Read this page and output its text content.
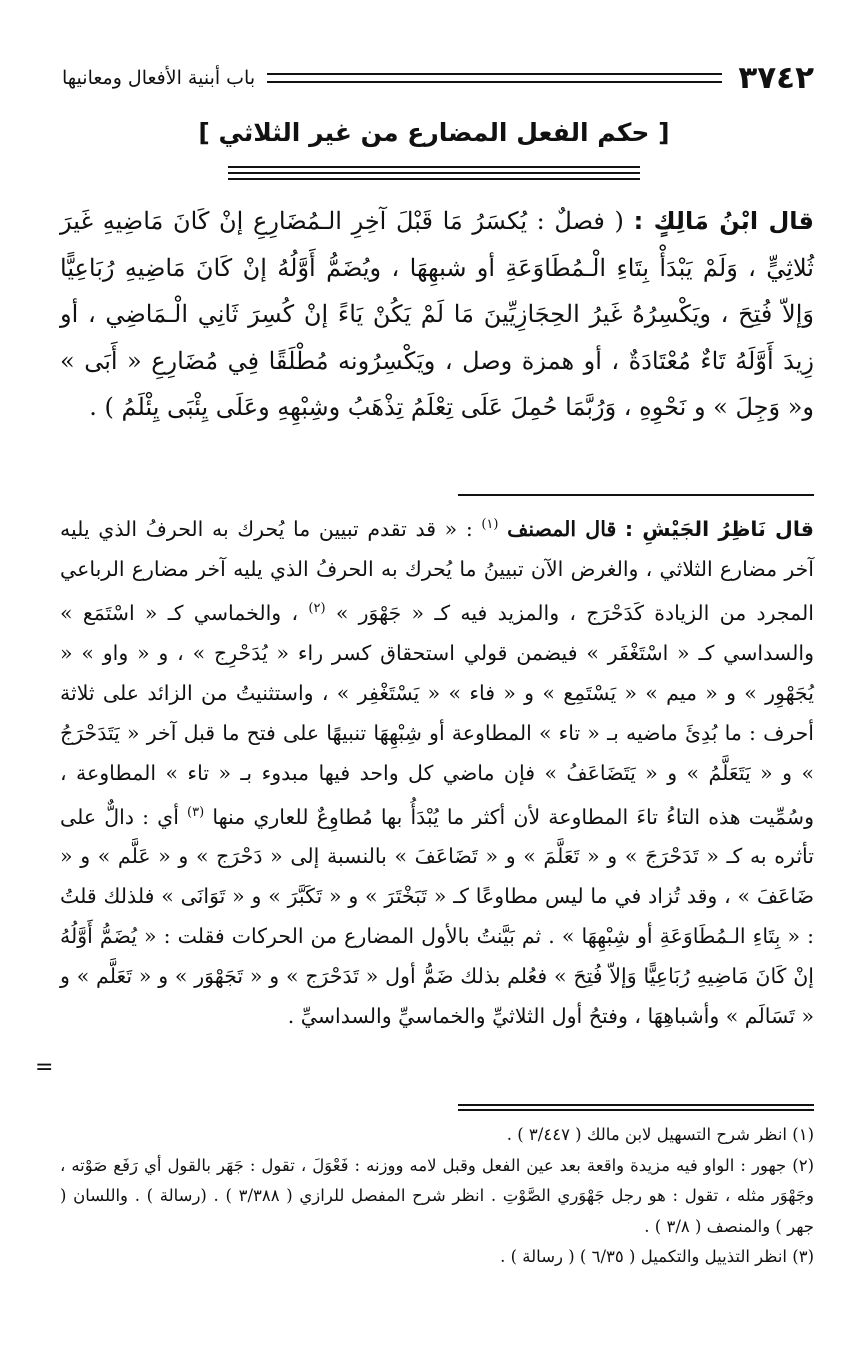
٣٧٤٢
باب أبنية الأفعال ومعانيها
[ حكم الفعل المضارع من غير الثلاثي ]
قال ابْنُ مَالِكٍ : ( فصلٌ : يُكسَرُ مَا قَبْلَ آخِرِ الـمُضَارِعِ إنْ كَانَ مَاضِيهِ غَيرَ ثُلاثِيٍّ ، وَلَمْ يَبْدَأْ بِتَاءِ الْـمُطَاوَعَةِ أو شبهِهَا ، ويُضَمُّ أَوَّلُهُ إنْ كَانَ مَاضِيهِ رُبَاعِيًّا وَإلاّ فُتِحَ ، ويَكْسِرُهُ غَيرُ الحِجَازِيِّينَ مَا لَمْ يَكُنْ يَاءً إنْ كُسِرَ ثَانِي الْـمَاضِي ، أو زِيدَ أَوَّلَهُ تَاءٌ مُعْتَادَةٌ ، أو همزة وصل ، ويَكْسِرُونه مُطْلَقًا فِي مُضَارِعِ « أَبَى » و« وَجِلَ » و نَحْوِهِ ، وَرُبَّمَا حُمِلَ عَلَى تِعْلَمُ تِذْهَبُ وشِبْهِهِ وعَلَى يِئْبَى يِئْلَمُ ) .
قال نَاظِرُ الجَيْشِ : قال المصنف $^{(١)}$ : « قد تقدم تبيين ما يُحرك به الحرفُ الذي يليه آخر مضارع الثلاثي ، والغرض الآن تبيينُ ما يُحرك به الحرفُ الذي يليه آخر مضارع الرباعي المجرد من الزيادة كَدَحْرَج ، والمزيد فيه كـ « جَهْوَر » $^{(٢)}$ ، والخماسي كـ « اسْتَمَع » والسداسي كـ « اسْتَغْفَر » فيضمن قولي استحقاق كسر راء « يُدَحْرِج » ، و « واو » « يُجَهْوِر » و « ميم » « يَسْتَمِع » و « فاء » « يَسْتَغْفِر » ، واستثنيتُ من الزائد على ثلاثة أحرف : ما بُدِئَ ماضيه بـ « تاء » المطاوعة أو شِبْهِهَا تنبيهًا على فتح ما قبل آخر « يَتَدَحْرَجُ » و « يَتَعَلَّمُ » و « يَتَضَاعَفُ » فإن ماضي كل واحد فيها مبدوء بـ « تاء » المطاوعة ، وسُمِّيت هذه التاءُ تاءَ المطاوعة لأن أكثر ما يُبْدَأُ بها مُطاوِعٌ للعاري منها $^{(٣)}$ أي : دالٌّ على تأثره به كـ « تَدَحْرَجَ » و « تَعَلَّمَ » و « تَضَاعَفَ » بالنسبة إلى « دَحْرَج » و « عَلَّم » و « ضَاعَفَ » ، وقد تُزاد في ما ليس مطاوعًا كـ « تَبَخْتَرَ » و « تَكَبَّرَ » و « تَوَانَى » فلذلك قلتُ : « بِتَاءِ الـمُطَاوَعَةِ أو شِبْهِهَا » . ثم بَيَّنتُ بالأول المضارع من الحركات فقلت : « يُضَمُّ أَوَّلُهُ إنْ كَانَ مَاضِيهِ رُبَاعِيًّا وَإلاّ فُتِحَ » فعُلم بذلك ضَمُّ أول « تَدَحْرَج » و « تَجَهْوَر » و « تَعَلَّم » و « تَسَالَم » وأشباهِهَا ، وفتحُ أول الثلاثيِّ والخماسيِّ والسداسيِّ .
=

(١) انظر شرح التسهيل لابن مالك ( ٣/٤٤٧ ) .

(٢) جهور : الواو فيه مزيدة واقعة بعد عين الفعل وقبل لامه ووزنه : فَعْوَلَ ، تقول : جَهَر بالقول أي رَفَع صَوْته ، وجَهْوَر مثله ، تقول : هو رجل جَهْوَري الصَّوْتِ . انظر شرح المفصل للرازي ( ٣/٣٨٨ ) . (رسالة ) . واللسان ( جهر ) والمنصف ( ٣/٨ ) .

(٣) انظر التذييل والتكميل ( ٦/٣٥ ) ( رسالة ) .
